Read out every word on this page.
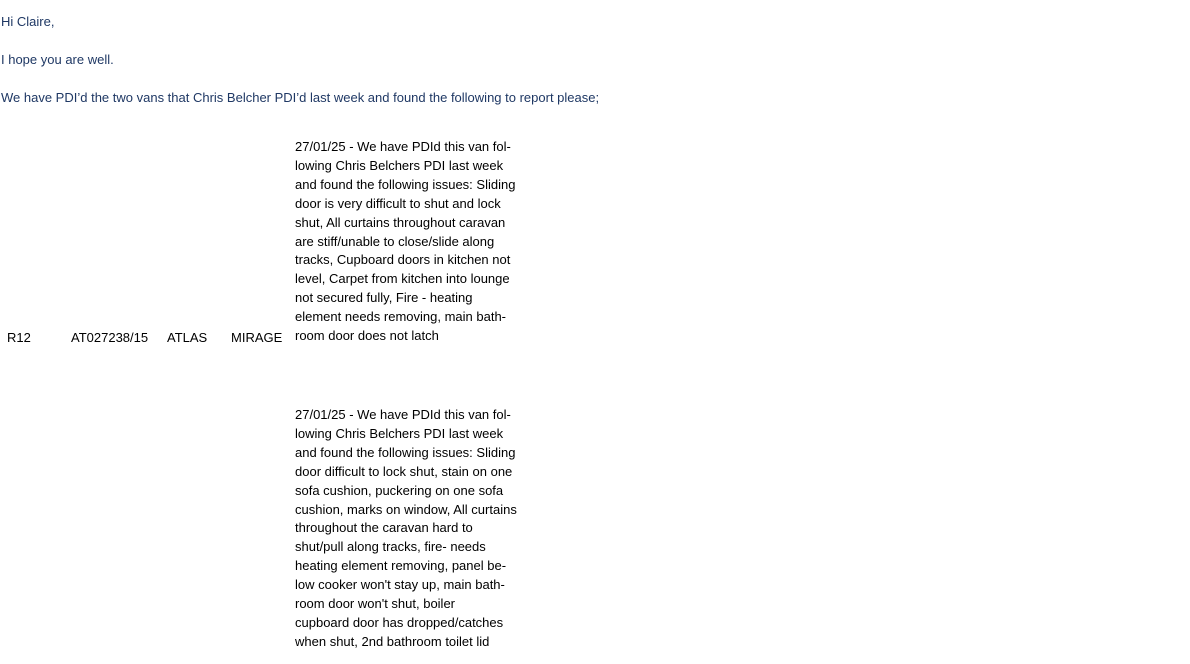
Hi Claire,

I hope you are well.

We have PDI’d the two vans that Chris Belcher PDI’d last week and found the following to report please;

R12	AT027238/15 ATLAS MIRAGE
27/01/25 - We have PDId this van fol-
lowing Chris Belchers PDI last week
and found the following issues: Sliding
door is very difficult to shut and lock
shut, All curtains throughout caravan
are stiff/unable to close/slide along
tracks, Cupboard doors in kitchen not
level, Carpet from kitchen into lounge
not secured fully, Fire - heating
element needs removing, main bath-
room door does not latch
27/01/25 - We have PDId this van fol-
lowing Chris Belchers PDI last week
and found the following issues: Sliding
door difficult to lock shut, stain on one
sofa cushion, puckering on one sofa
cushion, marks on window, All curtains
throughout the caravan hard to
shut/pull along tracks, fire- needs
heating element removing, panel be-
low cooker won't stay up, main bath-
room door won't shut, boiler
cupboard door has dropped/catches
when shut, 2nd bathroom toilet lid
